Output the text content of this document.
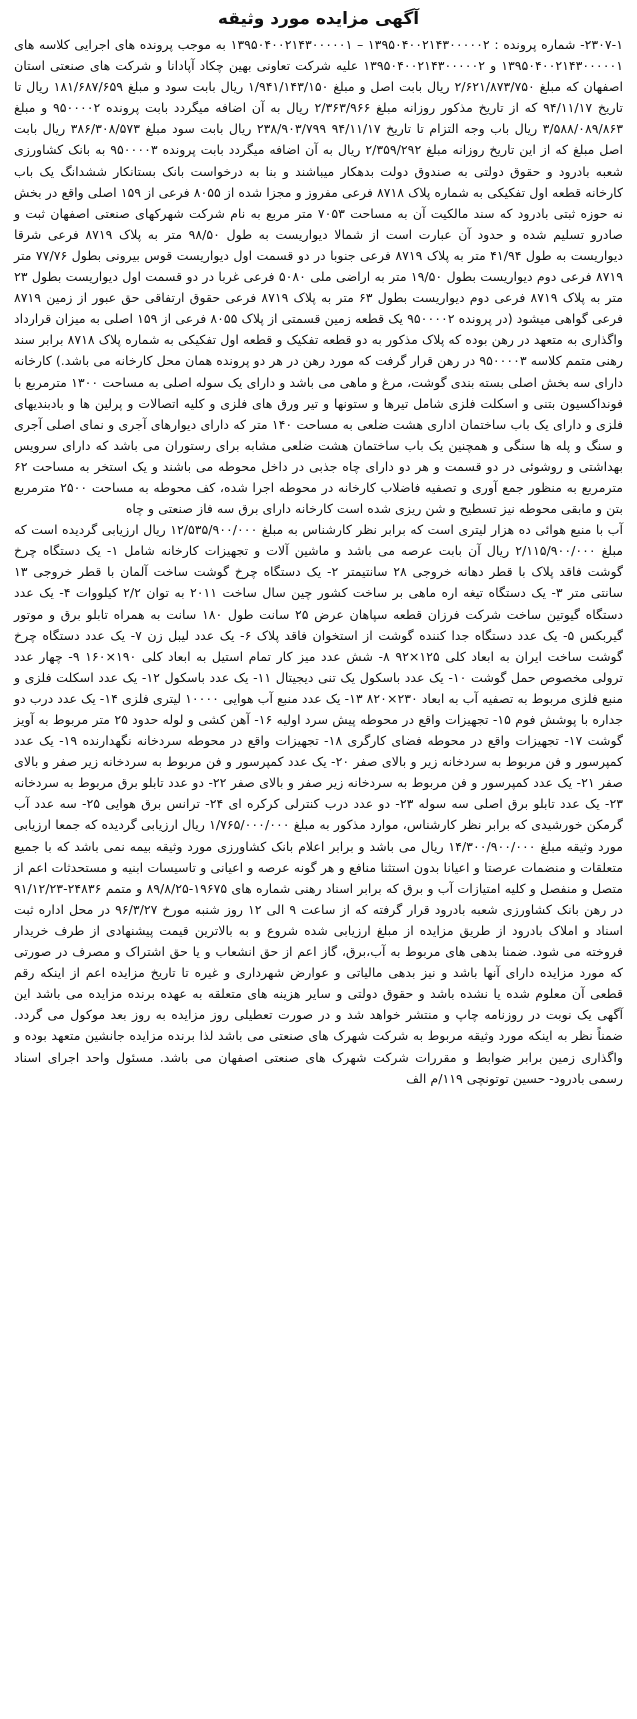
آگهی مزایده مورد وثیقه

۲۳۰۷-۱- شماره پرونده : ۱۳۹۵۰۴۰۰۲۱۴۳۰۰۰۰۰۲ – ۱۳۹۵۰۴۰۰۲۱۴۳۰۰۰۰۰۱ به موجب پرونده های اجرایی کلاسه های ۱۳۹۵۰۴۰۰۲۱۴۳۰۰۰۰۰۱ و ۱۳۹۵۰۴۰۰۲۱۴۳۰۰۰۰۰۲ علیه شرکت تعاونی بهین چکاد آپادانا و شرکت های صنعتی استان اصفهان که مبلغ ۲/۶۲۱/۸۷۳/۷۵۰ ریال بابت اصل و مبلغ ۱/۹۴۱/۱۴۳/۱۵۰ ریال بابت سود و مبلغ ۱۸۱/۶۸۷/۶۵۹ ریال تا تاریخ ۹۴/۱۱/۱۷ که از تاریخ مذکور روزانه مبلغ ۲/۳۶۳/۹۶۶ ریال به آن اضافه میگردد بابت پرونده ۹۵۰۰۰۰۲ و مبلغ ۳/۵۸۸/۰۸۹/۸۶۳ ریال باب وجه التزام تا تاریخ ۹۴/۱۱/۱۷ ۲۳۸/۹۰۳/۷۹۹ ریال بابت سود مبلغ ۳۸۶/۳۰۸/۵۷۳ ریال بابت اصل مبلغ که از این تاریخ روزانه مبلغ ۲/۳۵۹/۲۹۲ ریال به آن اضافه میگردد بابت پرونده ۹۵۰۰۰۰۳ به بانک کشاورزی شعبه بادرود و حقوق دولتی به صندوق دولت بدهکار میباشند و بنا به درخواست بانک بستانکار ششدانگ یک باب کارخانه قطعه اول تفکیکی به شماره پلاک ۸۷۱۸ فرعی مفروز و مجزا شده از ۸۰۵۵ فرعی از ۱۵۹ اصلی واقع در بخش نه حوزه ثبتی بادرود که سند مالکیت آن به مساحت ۷۰۵۳ متر مربع به نام شرکت شهرکهای صنعتی اصفهان ثبت و صادرو تسلیم شده و حدود آن عبارت است از شمالا دیواریست به طول ۹۸/۵۰ متر به پلاک ۸۷۱۹ فرعی شرقا دیواریست به طول ۴۱/۹۴ متر به پلاک ۸۷۱۹ فرعی جنوبا در دو قسمت اول دیواریست قوس بیرونی بطول ۷۷/۷۶ متر ۸۷۱۹ فرعی دوم دیواریست بطول ۱۹/۵۰ متر به اراضی ملی ۵۰۸۰ فرعی غربا در دو قسمت اول دیواریست بطول ۲۳ متر به پلاک ۸۷۱۹ فرعی دوم دیواریست بطول ۶۳ متر به پلاک ۸۷۱۹ فرعی حقوق ارتفاقی حق عبور از زمین ۸۷۱۹ فرعی گواهی میشود (در پرونده ۹۵۰۰۰۰۲ یک قطعه زمین قسمتی از پلاک ۸۰۵۵ فرعی از ۱۵۹ اصلی به میزان قرارداد واگذاری به متعهد در رهن بوده که پلاک مذکور به دو قطعه تفکیک و قطعه اول تفکیکی به شماره پلاک ۸۷۱۸ برابر سند رهنی متمم کلاسه ۹۵۰۰۰۰۳ در رهن قرار گرفت که مورد رهن در هر دو پرونده همان محل کارخانه می باشد.) کارخانه دارای سه بخش اصلی بسته بندی گوشت، مرغ و ماهی می باشد و دارای یک سوله اصلی به مساحت ۱۳۰۰ مترمربع با فونداکسیون بتنی و اسکلت فلزی شامل تیرها و ستونها و تیر ورق های فلزی و کلیه اتصالات و پرلین ها و بادبندیهای فلزی و دارای یک باب ساختمان اداری هشت ضلعی به مساحت ۱۴۰ متر که دارای دیوارهای آجری و نمای اصلی آجری و سنگ و پله ها سنگی و همچنین یک باب ساختمان هشت ضلعی مشابه برای رستوران می باشد که دارای سرویس بهداشتی و روشوئی در دو قسمت و هر دو دارای چاه جذبی در داخل محوطه می باشند و یک استخر به مساحت ۶۲ مترمربع به منظور جمع آوری و تصفیه فاضلاب کارخانه در محوطه اجرا شده، کف محوطه به مساحت ۲۵۰۰ مترمربع بتن و مابقی محوطه نیز تسطیح و شن ریزی شده است کارخانه دارای برق سه فاز صنعتی و چاه

آب با منبع هوائی ده هزار لیتری است که برابر نظر کارشناس به مبلغ ۱۲/۵۳۵/۹۰۰/۰۰۰ ریال ارزیابی گردیده است که مبلغ ۲/۱۱۵/۹۰۰/۰۰۰ ریال آن بابت عرصه می باشد و ماشین آلات و تجهیزات کارخانه شامل ۱- یک دستگاه چرخ گوشت فاقد پلاک با قطر دهانه خروجی ۲۸ سانتیمتر ۲- یک دستگاه چرخ گوشت ساخت آلمان با قطر خروجی ۱۳ سانتی متر ۳- یک دستگاه تیغه اره ماهی بر ساخت کشور چین سال ساخت ۲۰۱۱ به توان ۲/۲ کیلووات ۴- یک عدد دستگاه گیوتین ساخت شرکت فرزان قطعه سپاهان عرض ۲۵ سانت طول ۱۸۰ سانت به همراه تابلو برق و موتور گیربکس ۵- یک عدد دستگاه جدا کننده گوشت از استخوان فاقد پلاک ۶- یک عدد لیبل زن ۷- یک عدد دستگاه چرخ گوشت ساخت ایران به ابعاد کلی ۱۲۵×۹۲ ۸- شش عدد میز کار تمام استیل به ابعاد کلی ۱۹۰×۱۶۰ ۹- چهار عدد ترولی مخصوص حمل گوشت ۱۰- یک عدد باسکول یک تنی دیجیتال ۱۱- یک عدد باسکول ۱۲- یک عدد اسکلت فلزی و منبع فلزی مربوط به تصفیه آب به ابعاد ۲۳۰×۸۲۰ ۱۳- یک عدد منبع آب هوایی ۱۰۰۰۰ لیتری فلزی ۱۴- یک عدد درب دو جداره با پوشش فوم ۱۵- تجهیزات واقع در محوطه پیش سرد اولیه ۱۶- آهن کشی و لوله حدود ۲۵ متر مربوط به آویز گوشت ۱۷- تجهیزات واقع در محوطه فضای کارگری ۱۸- تجهیزات واقع در محوطه سردخانه نگهدارنده ۱۹- یک عدد کمپرسور و فن مربوط به سردخانه زیر و بالای صفر ۲۰- یک عدد کمپرسور و فن مربوط به سردخانه زیر صفر و بالای صفر ۲۱- یک عدد کمپرسور و فن مربوط به سردخانه زیر صفر و بالای صفر ۲۲- دو عدد تابلو برق مربوط به سردخانه ۲۳- یک عدد تابلو برق اصلی سه سوله ۲۳- دو عدد درب کنترلی کرکره ای ۲۴- ترانس برق هوایی ۲۵- سه عدد آب گرمکن خورشیدی که برابر نظر کارشناس، موارد مذکور به مبلغ ۱/۷۶۵/۰۰۰/۰۰۰ ریال ارزیابی گردیده که جمعا ارزیابی مورد وثیقه مبلغ ۱۴/۳۰۰/۹۰۰/۰۰۰ ریال می باشد و برابر اعلام بانک کشاورزی مورد وثیقه بیمه نمی باشد که با جمیع متعلقات و منضمات عرصتا و اعیانا بدون استثنا منافع و هر گونه عرصه و اعیانی و تاسیسات ابنیه و مستحدثات اعم از متصل و منفصل و کلیه امتیازات آب و برق که برابر اسناد رهنی شماره های ۱۹۶۷۵-۸۹/۸/۲۵ و متمم ۲۴۸۳۶-۹۱/۱۲/۲۳ در رهن بانک کشاورزی شعبه بادرود قرار گرفته که از ساعت ۹ الی ۱۲ روز شنبه مورخ ۹۶/۳/۲۷ در محل اداره ثبت اسناد و املاک بادرود از طریق مزایده از مبلغ ارزیابی شده شروع و به بالاترین قیمت پیشنهادی از طرف خریدار فروخته می شود. ضمنا بدهی های مربوط به آب،برق، گاز اعم از حق انشعاب و یا حق اشتراک و مصرف در صورتی که مورد مزایده دارای آنها باشد و نیز بدهی مالیاتی و عوارض شهرداری و غیره تا تاریخ مزایده اعم از اینکه رقم قطعی آن معلوم شده یا نشده باشد و حقوق دولتی و سایر هزینه های متعلقه به عهده برنده مزایده می باشد این آگهی یک نوبت در روزنامه چاپ و منتشر خواهد شد و در صورت تعطیلی روز مزایده به روز بعد موکول می گردد. ضمناً نظر به اینکه مورد وثیقه مربوط به شرکت شهرک های صنعتی می باشد لذا برنده مزایده جانشین متعهد بوده و واگذاری زمین برابر ضوابط و مقررات شرکت شهرک های صنعتی اصفهان می باشد. مسئول واحد اجرای اسناد رسمی بادرود- حسین توتونچی ۱۱۹/م الف
